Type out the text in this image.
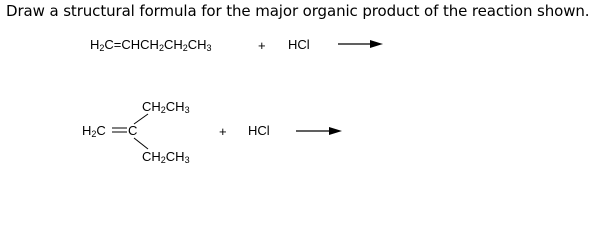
Draw a structural formula for the major organic product of the reaction shown.
$H_2C=CHCH_2CH_2CH_3$	+ HCl
$CH_2CH_3$
$H_2C$ C
$CH_2CH_3$
+ HCl
